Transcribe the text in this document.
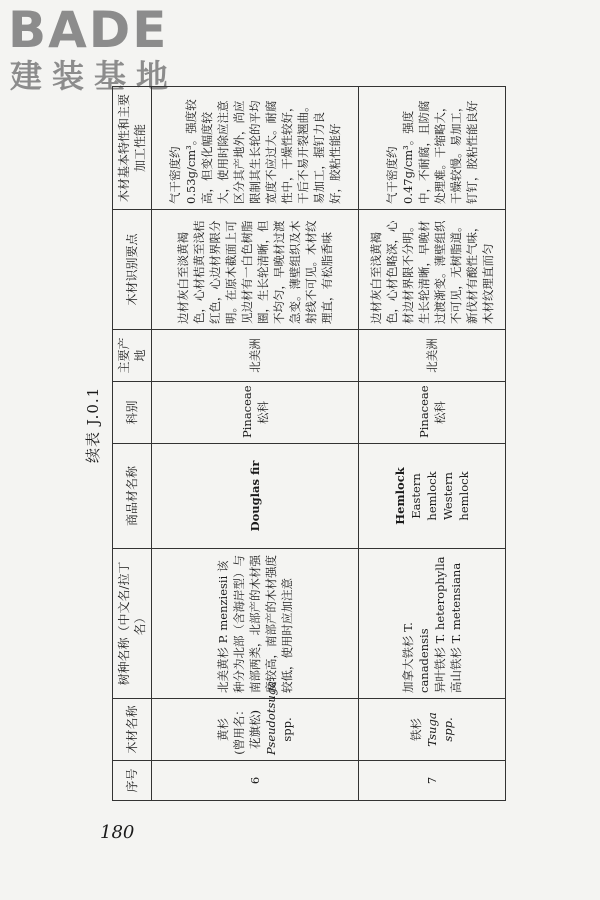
BADE
建装基地
续表 J.0.1
序号	木材名称	树种名称（中文名/拉丁名）	商品材名称	科别	主要产地	木材识别要点	木材基本特性和主要加工性能
6	黄杉 (曾用名： 花旗松) Pseudotsuga spp.	北美黄杉 P. menziesii 该种分为北部（含海岸型）与南部两类，北部产的木材强度较高，南部产的木材强度较低，使用时应加注意	Douglas fir	Pinaceae 松科	北美洲	边材灰白至淡黄褐色，心材桔黄至浅桔红色，心边材界限分明。在原木截面上可见边材有一白色树脂圈，生长轮清晰，但不均匀，早晚材过渡急变。薄壁组织及木射线不可见。木材纹理直，有松脂香味	气干密度约0.53g/cm³。强度较高，但变化幅度较大，使用时除应注意区分其产地外，尚应限制其生长轮的平均宽度不应过大。耐腐性中，干燥性较好，干后不易开裂翘曲。易加工，握钉力良好，胶粘性能好
7	铁杉 Tsuga spp.	加拿大铁杉 T. canadensis 异叶铁杉 T. heterophylla 高山铁杉 T. metensiana	Hemlock Eastern hemlock Western hemlock	Pinaceae 松科	北美洲	边材灰白至浅黄褐色，心材色略深，心材边材界限不分明。生长轮清晰，早晚材过渡渐变。薄壁组织不可见，无树脂道。新伐材有酸性气味，木材纹理直而匀	气干密度约0.47g/cm³。强度中，不耐腐，且防腐处理难。干缩略大，干燥较慢。易加工，钉钉，胶粘性能良好
180
